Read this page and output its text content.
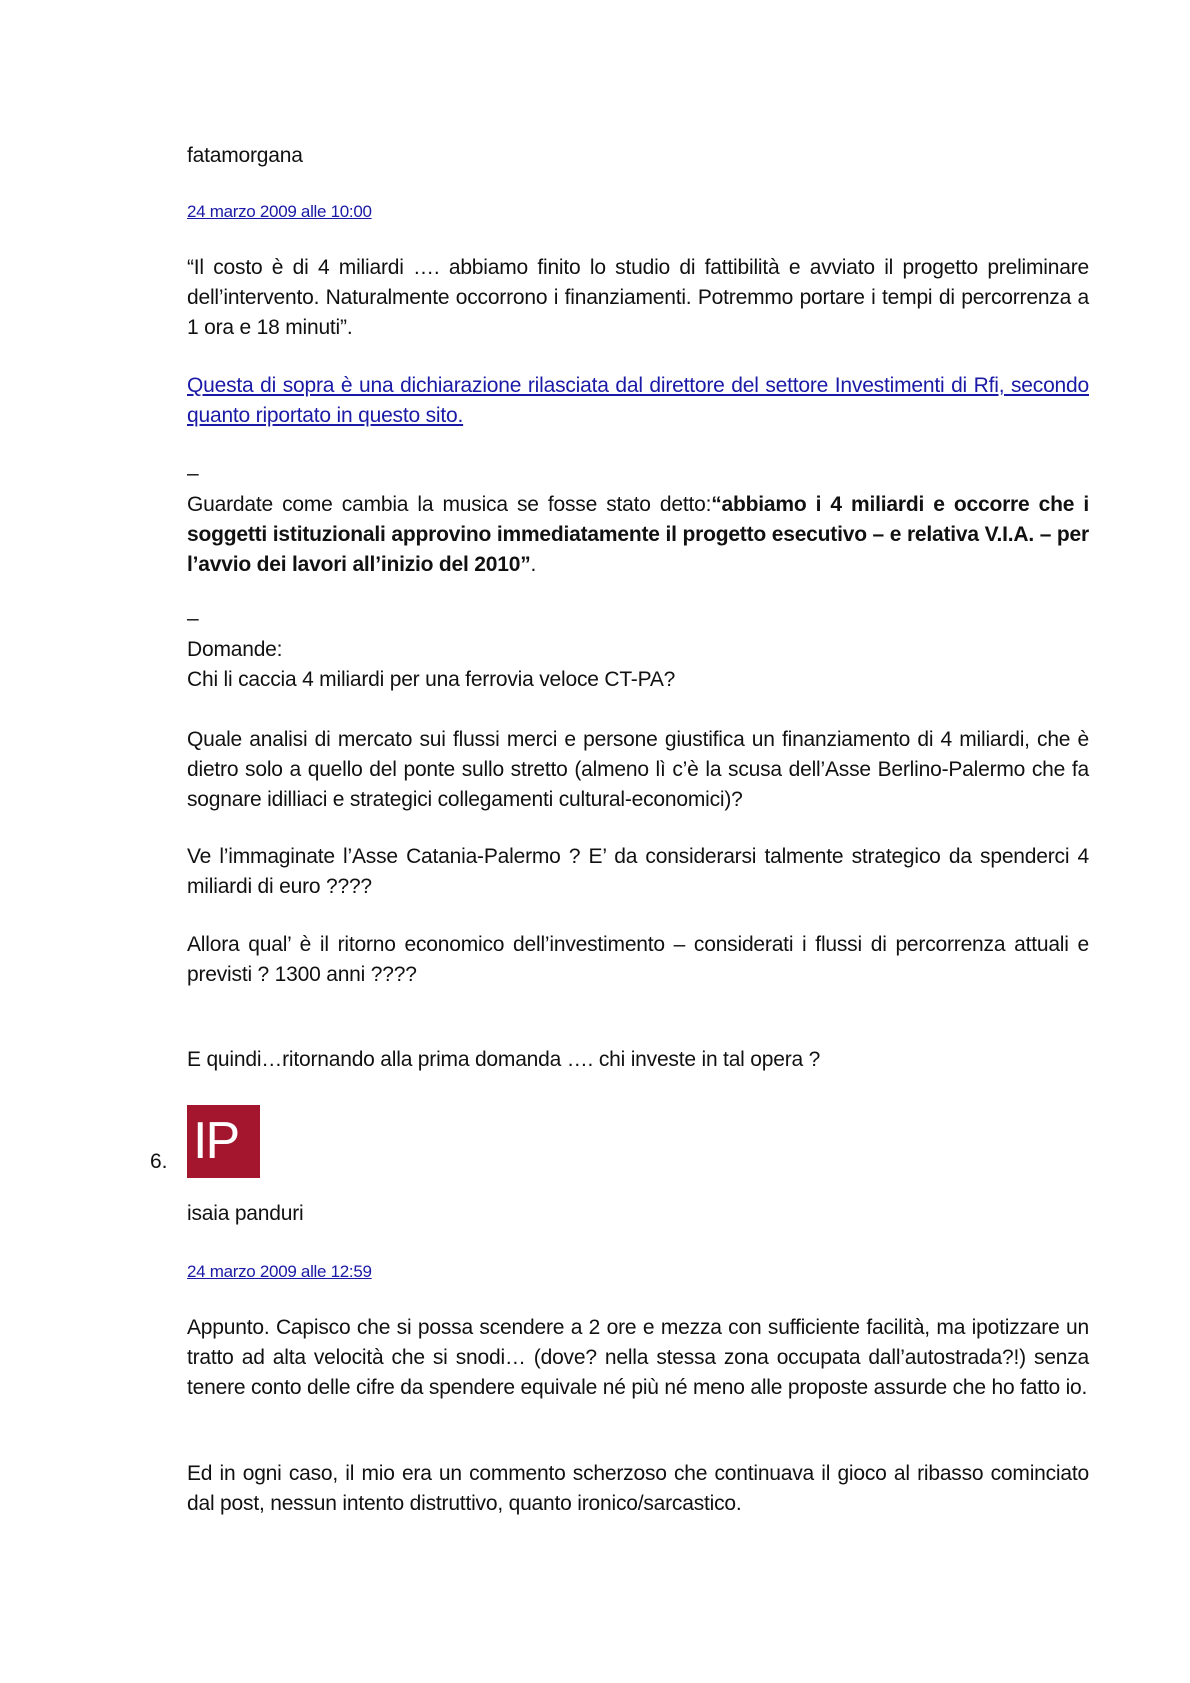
fatamorgana
24 marzo 2009 alle 10:00

“Il costo è di 4 miliardi …. abbiamo finito lo studio di fattibilità e avviato il progetto preliminare dell’intervento. Naturalmente occorrono i finanziamenti. Potremmo portare i tempi di percorrenza a 1 ora e 18 minuti”.

Questa di sopra è una dichiarazione rilasciata dal direttore del settore Investimenti di Rfi, secondo quanto riportato in questo sito.

–

Guardate come cambia la musica se fosse stato detto:“abbiamo i 4 miliardi e occorre che i soggetti istituzionali approvino immediatamente il progetto esecutivo – e relativa V.I.A. – per l’avvio dei lavori all’inizio del 2010”.

–

Domande:

Chi li caccia 4 miliardi per una ferrovia veloce CT-PA?

Quale analisi di mercato sui flussi merci e persone giustifica un finanziamento di 4 miliardi, che è dietro solo a quello del ponte sullo stretto (almeno lì c’è la scusa dell’Asse Berlino-Palermo che fa sognare idilliaci e strategici collegamenti cultural-economici)?

Ve l’immaginate l’Asse Catania-Palermo ? E’ da considerarsi talmente strategico da spenderci 4 miliardi di euro ????

Allora qual’ è il ritorno economico dell’investimento – considerati i flussi di percorrenza attuali e previsti ? 1300 anni ????

E quindi…ritornando alla prima domanda …. chi investe in tal opera ?

6. IP
isaia panduri
24 marzo 2009 alle 12:59

Appunto. Capisco che si possa scendere a 2 ore e mezza con sufficiente facilità, ma ipotizzare un tratto ad alta velocità che si snodi… (dove? nella stessa zona occupata dall’autostrada?!) senza tenere conto delle cifre da spendere equivale né più né meno alle proposte assurde che ho fatto io.

Ed in ogni caso, il mio era un commento scherzoso che continuava il gioco al ribasso cominciato dal post, nessun intento distruttivo, quanto ironico/sarcastico.
